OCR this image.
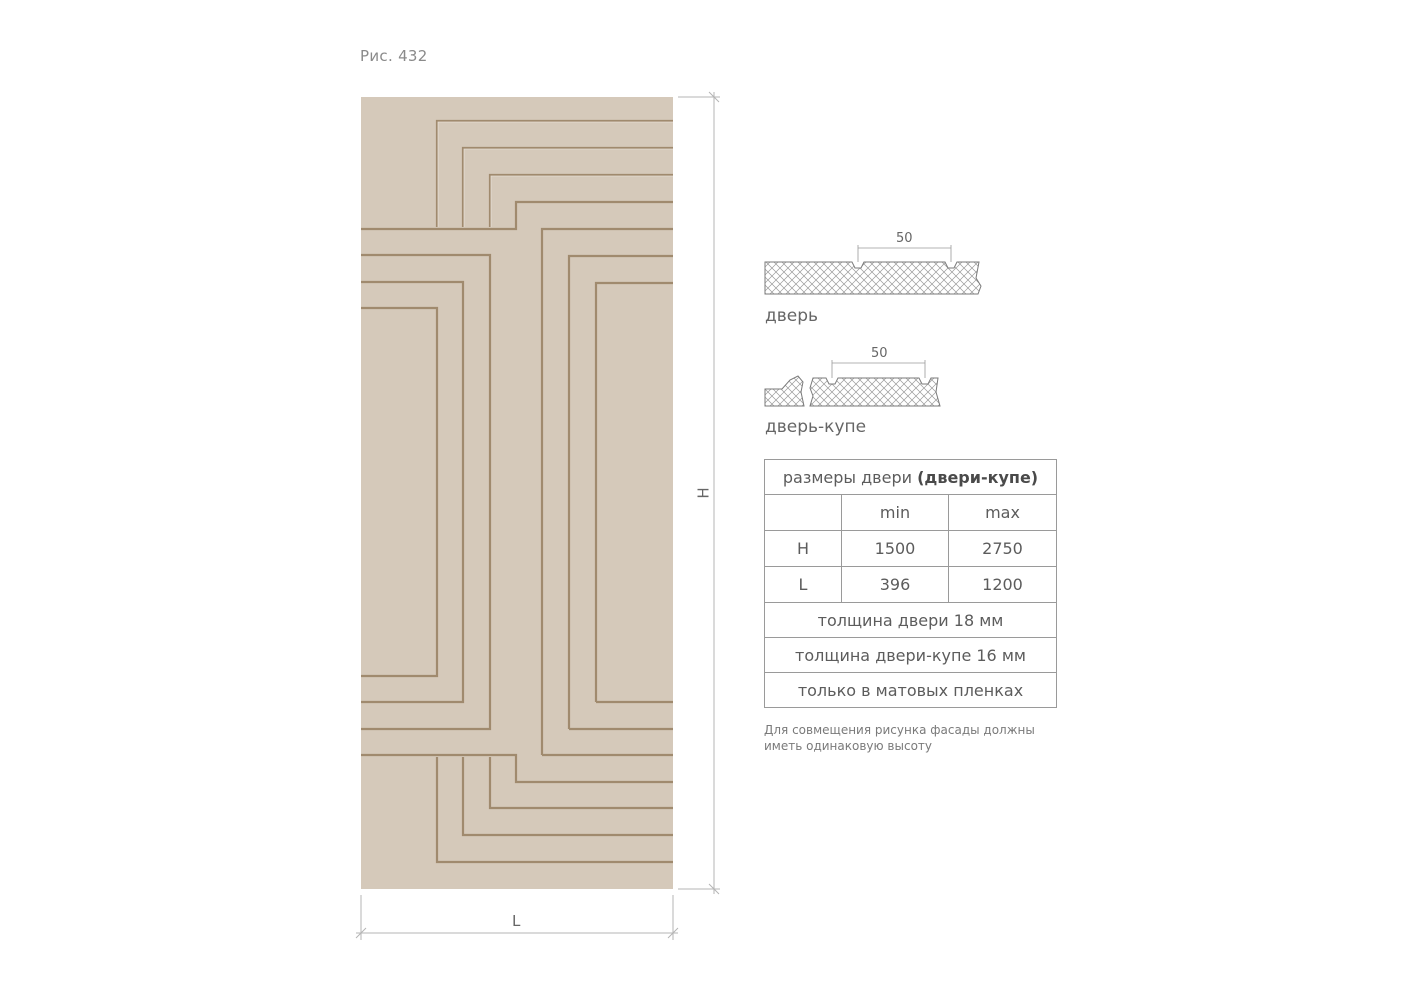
Рис. 432
H
L
50
дверь
50
дверь-купе
размеры двери (двери-купе)		
	min	max
H	1500	2750
L	396	1200
толщина двери 18 мм		
толщина двери-купе 16 мм		
только в матовых пленках		
Для совмещения рисунка фасады должны иметь одинаковую высоту
